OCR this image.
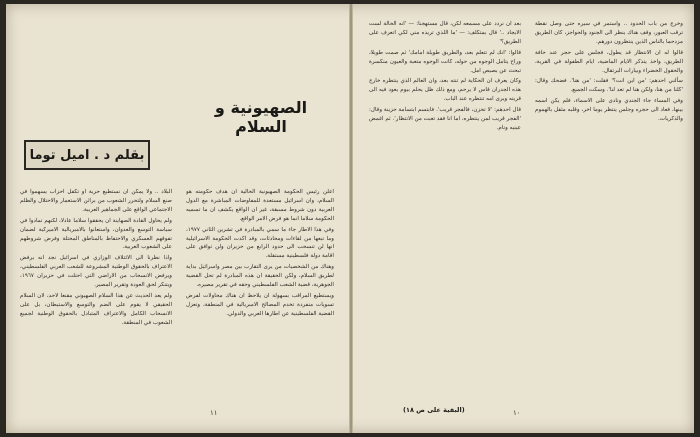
الصهيونية و السلام
بقلم د . اميل توما

اعلن رئيس الحكومة الصهيونية الحالية ان هدف حكومته هو السلام، وان اسرائيل مستعدة للمفاوضات المباشرة مع الدول العربية دون شروط مسبقة، غير ان الواقع يكشف ان ما تسميه الحكومة سلاما انما هو فرض الامر الواقع.

وفي هذا الاطار جاء ما سمي بالمبادرة في تشرين الثاني ١٩٧٧، وما تبعها من لقاءات ومحادثات، وقد اكدت الحكومة الاسرائيلية انها لن تنسحب الى حدود الرابع من حزيران ولن توافق على اقامة دولة فلسطينية مستقلة.

وهناك من الشخصيات من يرى التقارب بين مصر واسرائيل بداية لطريق السلام، ولكن الحقيقة ان هذه المبادرة لم تحل القضية الجوهرية، قضية الشعب الفلسطيني وحقه في تقرير مصيره.

ويستطيع المراقب بسهولة ان يلاحظ ان هناك محاولات لفرض تسويات منفردة تخدم المصالح الامبريالية في المنطقة، وتعزل القضية الفلسطينية عن اطارها العربي والدولي.

البلاد .. ولا يمكن ان نستطيع حرية او تكفل احزاب يسهموا في صنع السلام ولتحرر الشعوب من براثن الاستعمار والاحتلال والظلم الاجتماعي الواقع على الجماهير العربية.

ولم يحاول القادة الصهاينة ان يحققوا سلاما عادلا، لكنهم تمادوا في سياسة التوسع والعدوان، واستعانوا بالامبريالية الاميركية لضمان تفوقهم العسكري والاحتفاظ بالمناطق المحتلة وفرض شروطهم على الشعوب العربية.

واذا نظرنا الى الائتلاف الوزاري في اسرائيل نجد انه يرفض الاعتراف بالحقوق الوطنية المشروعة للشعب العربي الفلسطيني، ويرفض الانسحاب من الاراضي التي احتلت في حزيران ١٩٦٧، ويتنكر لحق العودة وتقرير المصير.

ولم يعد الحديث عن هذا السلام الصهيوني مقنعا لاحد، لان السلام الحقيقي لا يقوم على الضم والتوسع والاستيطان، بل على الانسحاب الكامل والاعتراف المتبادل بالحقوق الوطنية لجميع الشعوب في المنطقة.

١١

وخرج من باب الحدود .. واستمر في سيره حتى وصل نقطة ترقب العبور، وقف هناك ينظر الى الجنود والحواجز، كان الطريق مزدحما بالناس الذين ينتظرون دورهم.

قالوا له ان الانتظار قد يطول، فجلس على حجر عند حافة الطريق، واخذ يتذكر الايام الماضية، ايام الطفولة في القرية، والحقول الخضراء وبيارات البرتقال.

سألني احدهم: 'من اين انت؟' فقلت: 'من هنا'. فضحك وقال: 'كلنا من هنا، ولكن هنا لم تعد لنا'. وسكت الجميع.

وفي المساء جاء الجندي ونادى على الاسماء، فلم يكن اسمه بينها، فعاد الى حجره وجلس ينتظر يوما اخر، وقلبه مثقل بالهموم والذكريات.

بعد ان نردد على مسمعه لكن، قال مستهجنا: — 'انه الحالة لست الايجاد ..' قال بمتكلف: — 'ما اللذي تريده مني لكي اتعرف على الطريق؟'

قالوا: 'انك لم تتعلم بعد، والطريق طويلة امامك' ثم صمت طويلا، وراح يتامل الوجوه من حوله، كانت الوجوه متعبة والعيون منكسرة تبحث عن بصيص امل.

وكان يعرف ان الحكاية لم تنته بعد، وان العالم الذي ينتظره خارج هذه الجدران قاس لا يرحم، ومع ذلك ظل يحلم بيوم يعود فيه الى قريته ويرى امه تنتظره عند الباب.

قال احدهم: 'لا تحزن، فالفجر قريب'. فابتسم ابتسامة حزينة وقال: 'الفجر قريب لمن ينتظره، اما انا فقد تعبت من الانتظار'. ثم اغمض عينيه ونام.

(البقية على ص ١٨)	١٠
